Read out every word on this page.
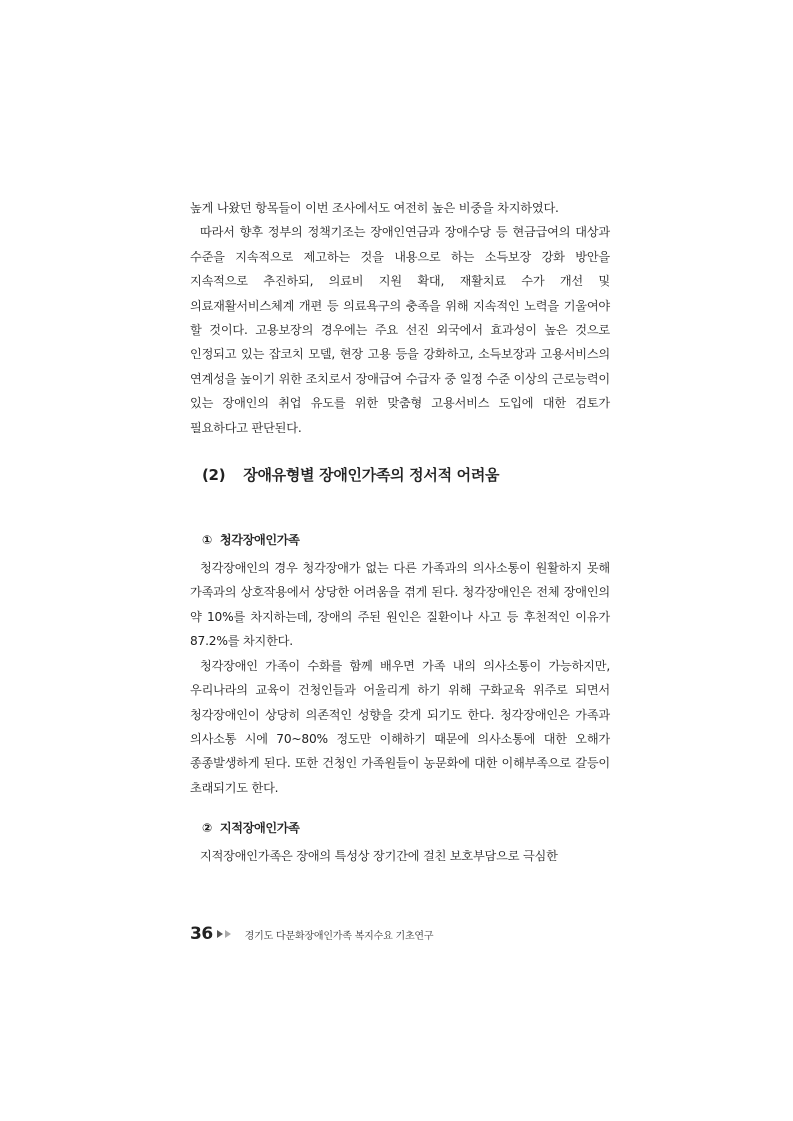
높게 나왔던 항목들이 이번 조사에서도 여전히 높은 비중을 차지하였다.

따라서 향후 정부의 정책기조는 장애인연금과 장애수당 등 현금급여의 대상과 수준을 지속적으로 제고하는 것을 내용으로 하는 소득보장 강화 방안을 지속적으로 추진하되, 의료비 지원 확대, 재활치료 수가 개선 및 의료재활서비스체계 개편 등 의료욕구의 충족을 위해 지속적인 노력을 기울여야 할 것이다. 고용보장의 경우에는 주요 선진 외국에서 효과성이 높은 것으로 인정되고 있는 잡코치 모델, 현장 고용 등을 강화하고, 소득보장과 고용서비스의 연계성을 높이기 위한 조치로서 장애급여 수급자 중 일정 수준 이상의 근로능력이 있는 장애인의 취업 유도를 위한 맞춤형 고용서비스 도입에 대한 검토가 필요하다고 판단된다.

(2) 장애유형별 장애인가족의 정서적 어려움
① 청각장애인가족

청각장애인의 경우 청각장애가 없는 다른 가족과의 의사소통이 원활하지 못해 가족과의 상호작용에서 상당한 어려움을 겪게 된다. 청각장애인은 전체 장애인의 약 10%를 차지하는데, 장애의 주된 원인은 질환이나 사고 등 후천적인 이유가 87.2%를 차지한다.

청각장애인 가족이 수화를 함께 배우면 가족 내의 의사소통이 가능하지만, 우리나라의 교육이 건청인들과 어울리게 하기 위해 구화교육 위주로 되면서 청각장애인이 상당히 의존적인 성향을 갖게 되기도 한다. 청각장애인은 가족과 의사소통 시에 70~80% 정도만 이해하기 때문에 의사소통에 대한 오해가 종종발생하게 된다. 또한 건청인 가족원들이 농문화에 대한 이해부족으로 갈등이 초래되기도 한다.

② 지적장애인가족

지적장애인가족은 장애의 특성상 장기간에 걸친 보호부담으로 극심한

36	경기도 다문화장애인가족 복지수요 기초연구
